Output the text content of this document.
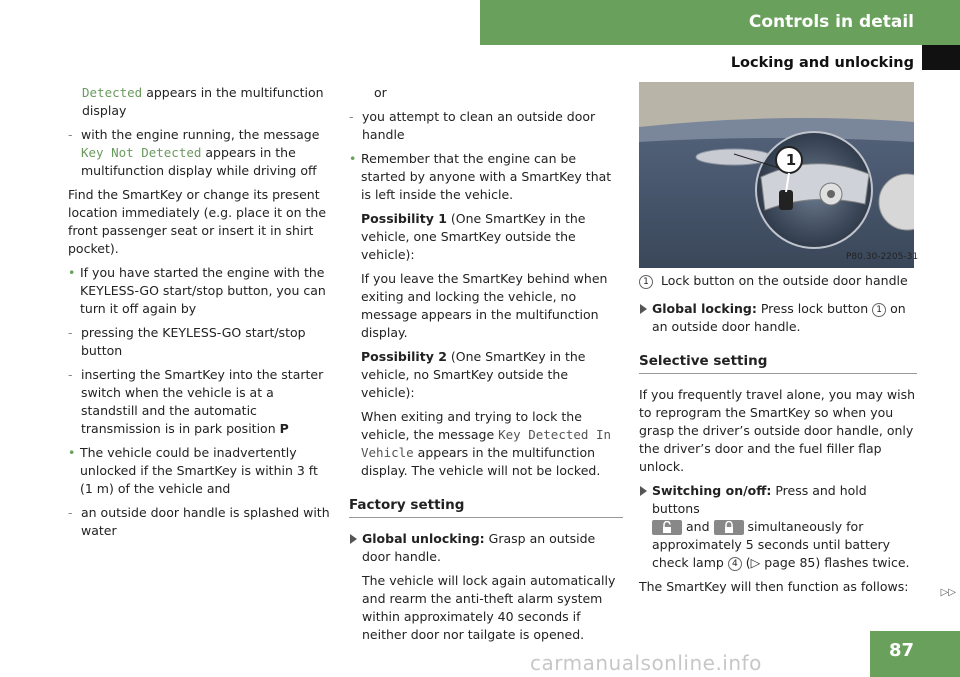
Controls in detail
Locking and unlocking

Detected appears in the multifunction display

- with the engine running, the message
Key Not Detected appears in the multifunction display while driving off

Find the SmartKey or change its present location immediately (e.g. place it on the front passenger seat or insert it in shirt pocket).

• If you have started the engine with the KEYLESS-GO start/stop button, you can turn it off again by

- pressing the KEYLESS-GO start/stop button

- inserting the SmartKey into the starter switch when the vehicle is at a standstill and the automatic transmission is in park position P

• The vehicle could be inadvertently unlocked if the SmartKey is within 3 ft (1 m) of the vehicle and

- an outside door handle is splashed with water

or

- you attempt to clean an outside door handle

• Remember that the engine can be started by anyone with a SmartKey that is left inside the vehicle.

Possibility 1 (One SmartKey in the vehicle, one SmartKey outside the vehicle):

If you leave the SmartKey behind when exiting and locking the vehicle, no message appears in the multifunction display.

Possibility 2 (One SmartKey in the vehicle, no SmartKey outside the vehicle):

When exiting and trying to lock the vehicle, the message Key Detected In Vehicle appears in the multifunction display. The vehicle will not be locked.

Factory setting

Global unlocking: Grasp an outside door handle.

The vehicle will lock again automatically and rearm the anti-theft alarm system within approximately 40 seconds if neither door nor tailgate is opened.

1
P80.30-2205-31

1 Lock button on the outside door handle

Global locking: Press lock button 1 on an outside door handle.

Selective setting

If you frequently travel alone, you may wish to reprogram the SmartKey so when you grasp the driver’s outside door handle, only the driver’s door and the fuel filler flap unlock.

Switching on/off: Press and hold buttons

and	simultaneously for approximately 5 seconds until battery check lamp 4 (▷ page 85) flashes twice.

The SmartKey will then function as follows:	▷▷
87
carmanualsonline.info
